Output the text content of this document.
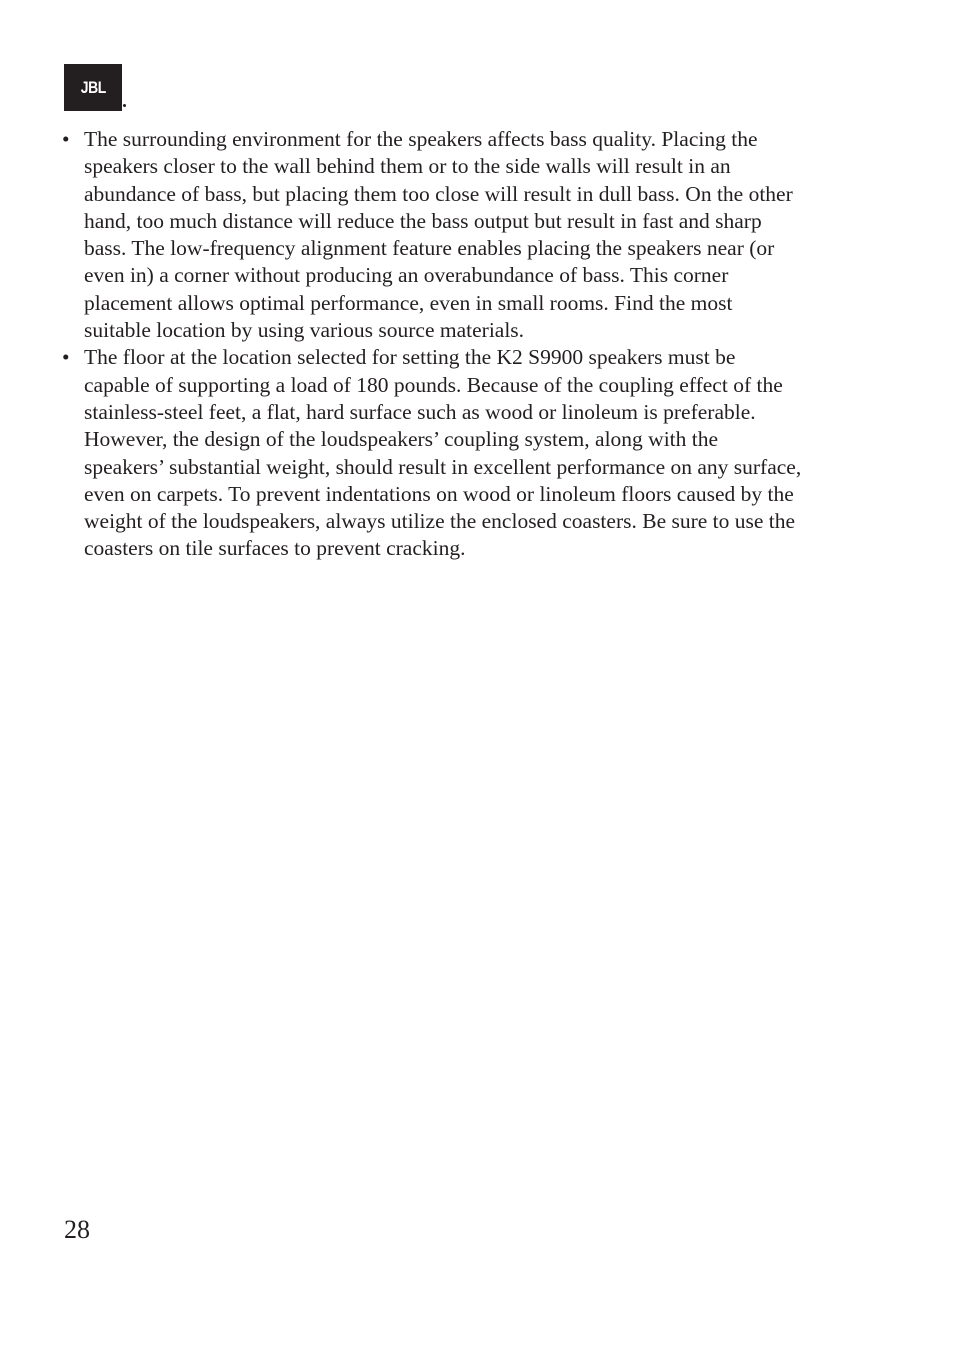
JBL
• The surrounding environment for the speakers affects bass quality. Placing the speakers closer to the wall behind them or to the side walls will result in an abundance of bass, but placing them too close will result in dull bass. On the other hand, too much distance will reduce the bass output but result in fast and sharp bass. The low-frequency alignment feature enables placing the speakers near (or even in) a corner without producing an overabundance of bass. This corner placement allows optimal performance, even in small rooms. Find the most suitable location by using various source materials.
• The floor at the location selected for setting the K2 S9900 speakers must be capable of supporting a load of 180 pounds. Because of the coupling effect of the stainless-steel feet, a flat, hard surface such as wood or linoleum is preferable. However, the design of the loudspeakers’ coupling system, along with the speakers’ substantial weight, should result in excellent performance on any surface, even on carpets. To prevent indentations on wood or linoleum floors caused by the weight of the loudspeakers, always utilize the enclosed coasters. Be sure to use the coasters on tile surfaces to prevent cracking.
28
